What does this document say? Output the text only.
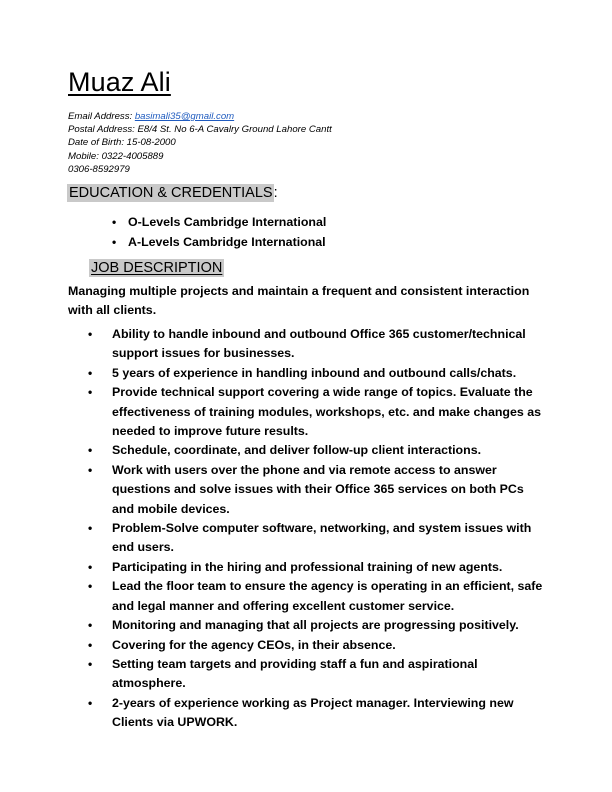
Muaz Ali
Email Address: basimali35@gmail.com
Postal Address: E8/4 St. No 6-A Cavalry Ground Lahore Cantt
Date of Birth: 15-08-2000
Mobile: 0322-4005889
0306-8592979
EDUCATION & CREDENTIALS:
• O-Levels Cambridge International
• A-Levels Cambridge International
JOB DESCRIPTION
Managing multiple projects and maintain a frequent and consistent interaction with all clients.
• Ability to handle inbound and outbound Office 365 customer/technical support issues for businesses.
• 5 years of experience in handling inbound and outbound calls/chats.
• Provide technical support covering a wide range of topics. Evaluate the effectiveness of training modules, workshops, etc. and make changes as needed to improve future results.
• Schedule, coordinate, and deliver follow-up client interactions.
• Work with users over the phone and via remote access to answer questions and solve issues with their Office 365 services on both PCs and mobile devices.
• Problem-Solve computer software, networking, and system issues with end users.
• Participating in the hiring and professional training of new agents.
• Lead the floor team to ensure the agency is operating in an efficient, safe and legal manner and offering excellent customer service.
• Monitoring and managing that all projects are progressing positively.
• Covering for the agency CEOs, in their absence.
• Setting team targets and providing staff a fun and aspirational atmosphere.
• 2-years of experience working as Project manager. Interviewing new Clients via UPWORK.
